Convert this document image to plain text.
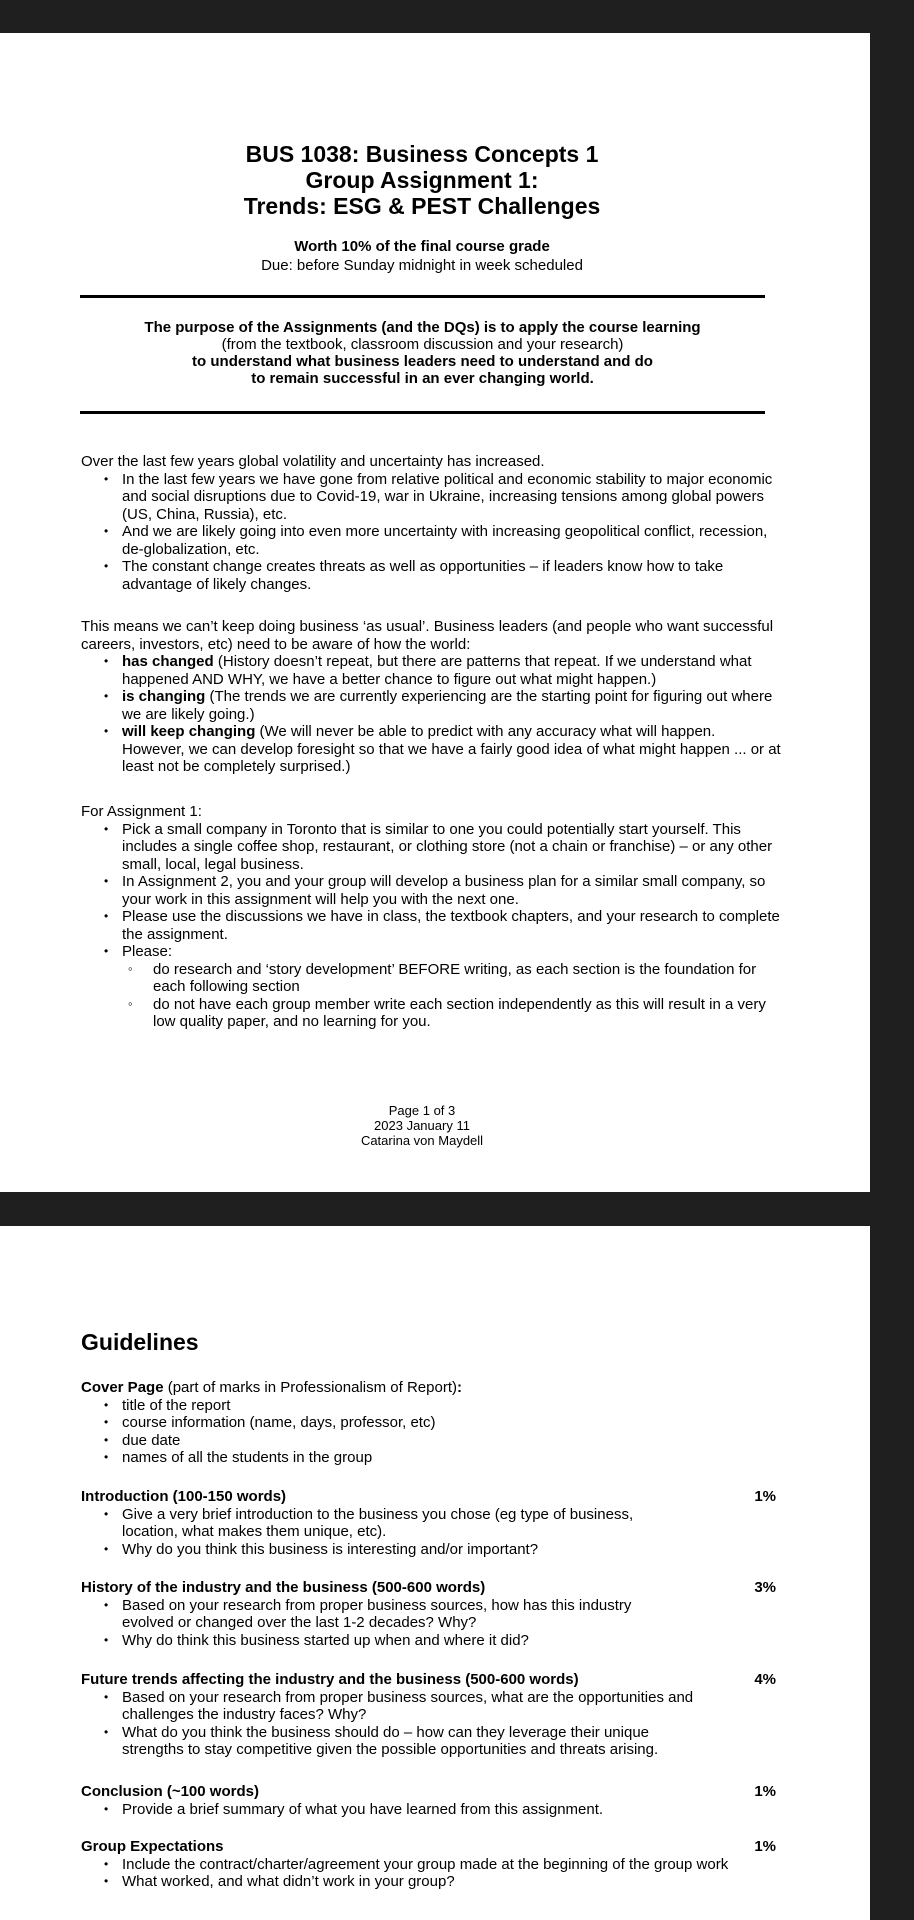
BUS 1038: Business Concepts 1
Group Assignment 1:
Trends: ESG & PEST Challenges
Worth 10% of the final course grade
Due: before Sunday midnight in week scheduled
The purpose of the Assignments (and the DQs) is to apply the course learning
(from the textbook, classroom discussion and your research)
to understand what business leaders need to understand and do
to remain successful in an ever changing world.

Over the last few years global volatility and uncertainty has increased.

• In the last few years we have gone from relative political and economic stability to major economic and social disruptions due to Covid-19, war in Ukraine, increasing tensions among global powers (US, China, Russia), etc.
• And we are likely going into even more uncertainty with increasing geopolitical conflict, recession, de-globalization, etc.
• The constant change creates threats as well as opportunities – if leaders know how to take advantage of likely changes.

This means we can’t keep doing business ‘as usual’. Business leaders (and people who want successful careers, investors, etc) need to be aware of how the world:

• has changed (History doesn’t repeat, but there are patterns that repeat. If we understand what happened AND WHY, we have a better chance to figure out what might happen.)
• is changing (The trends we are currently experiencing are the starting point for figuring out where we are likely going.)
• will keep changing (We will never be able to predict with any accuracy what will happen. However, we can develop foresight so that we have a fairly good idea of what might happen ... or at least not be completely surprised.)

For Assignment 1:

• Pick a small company in Toronto that is similar to one you could potentially start yourself. This includes a single coffee shop, restaurant, or clothing store (not a chain or franchise) – or any other small, local, legal business.
• In Assignment 2, you and your group will develop a business plan for a similar small company, so your work in this assignment will help you with the next one.
• Please use the discussions we have in class, the textbook chapters, and your research to complete the assignment.
• Please:
◦ do research and ‘story development’ BEFORE writing, as each section is the foundation for each following section
◦ do not have each group member write each section independently as this will result in a very low quality paper, and no learning for you.
Page 1 of 3
2023 January 11
Catarina von Maydell
Guidelines
Cover Page (part of marks in Professionalism of Report):
• title of the report
• course information (name, days, professor, etc)
• due date
• names of all the students in the group
Introduction (100-150 words)
• Give a very brief introduction to the business you chose (eg type of business, location, what makes them unique, etc).
• Why do you think this business is interesting and/or important?
1%
History of the industry and the business (500-600 words)
• Based on your research from proper business sources, how has this industry evolved or changed over the last 1-2 decades? Why?
• Why do think this business started up when and where it did?
3%
Future trends affecting the industry and the business (500-600 words)
• Based on your research from proper business sources, what are the opportunities and challenges the industry faces? Why?
• What do you think the business should do – how can they leverage their unique strengths to stay competitive given the possible opportunities and threats arising.
4%
Conclusion (~100 words)
• Provide a brief summary of what you have learned from this assignment.
1%
Group Expectations
• Include the contract/charter/agreement your group made at the beginning of the group work
• What worked, and what didn’t work in your group?
1%
